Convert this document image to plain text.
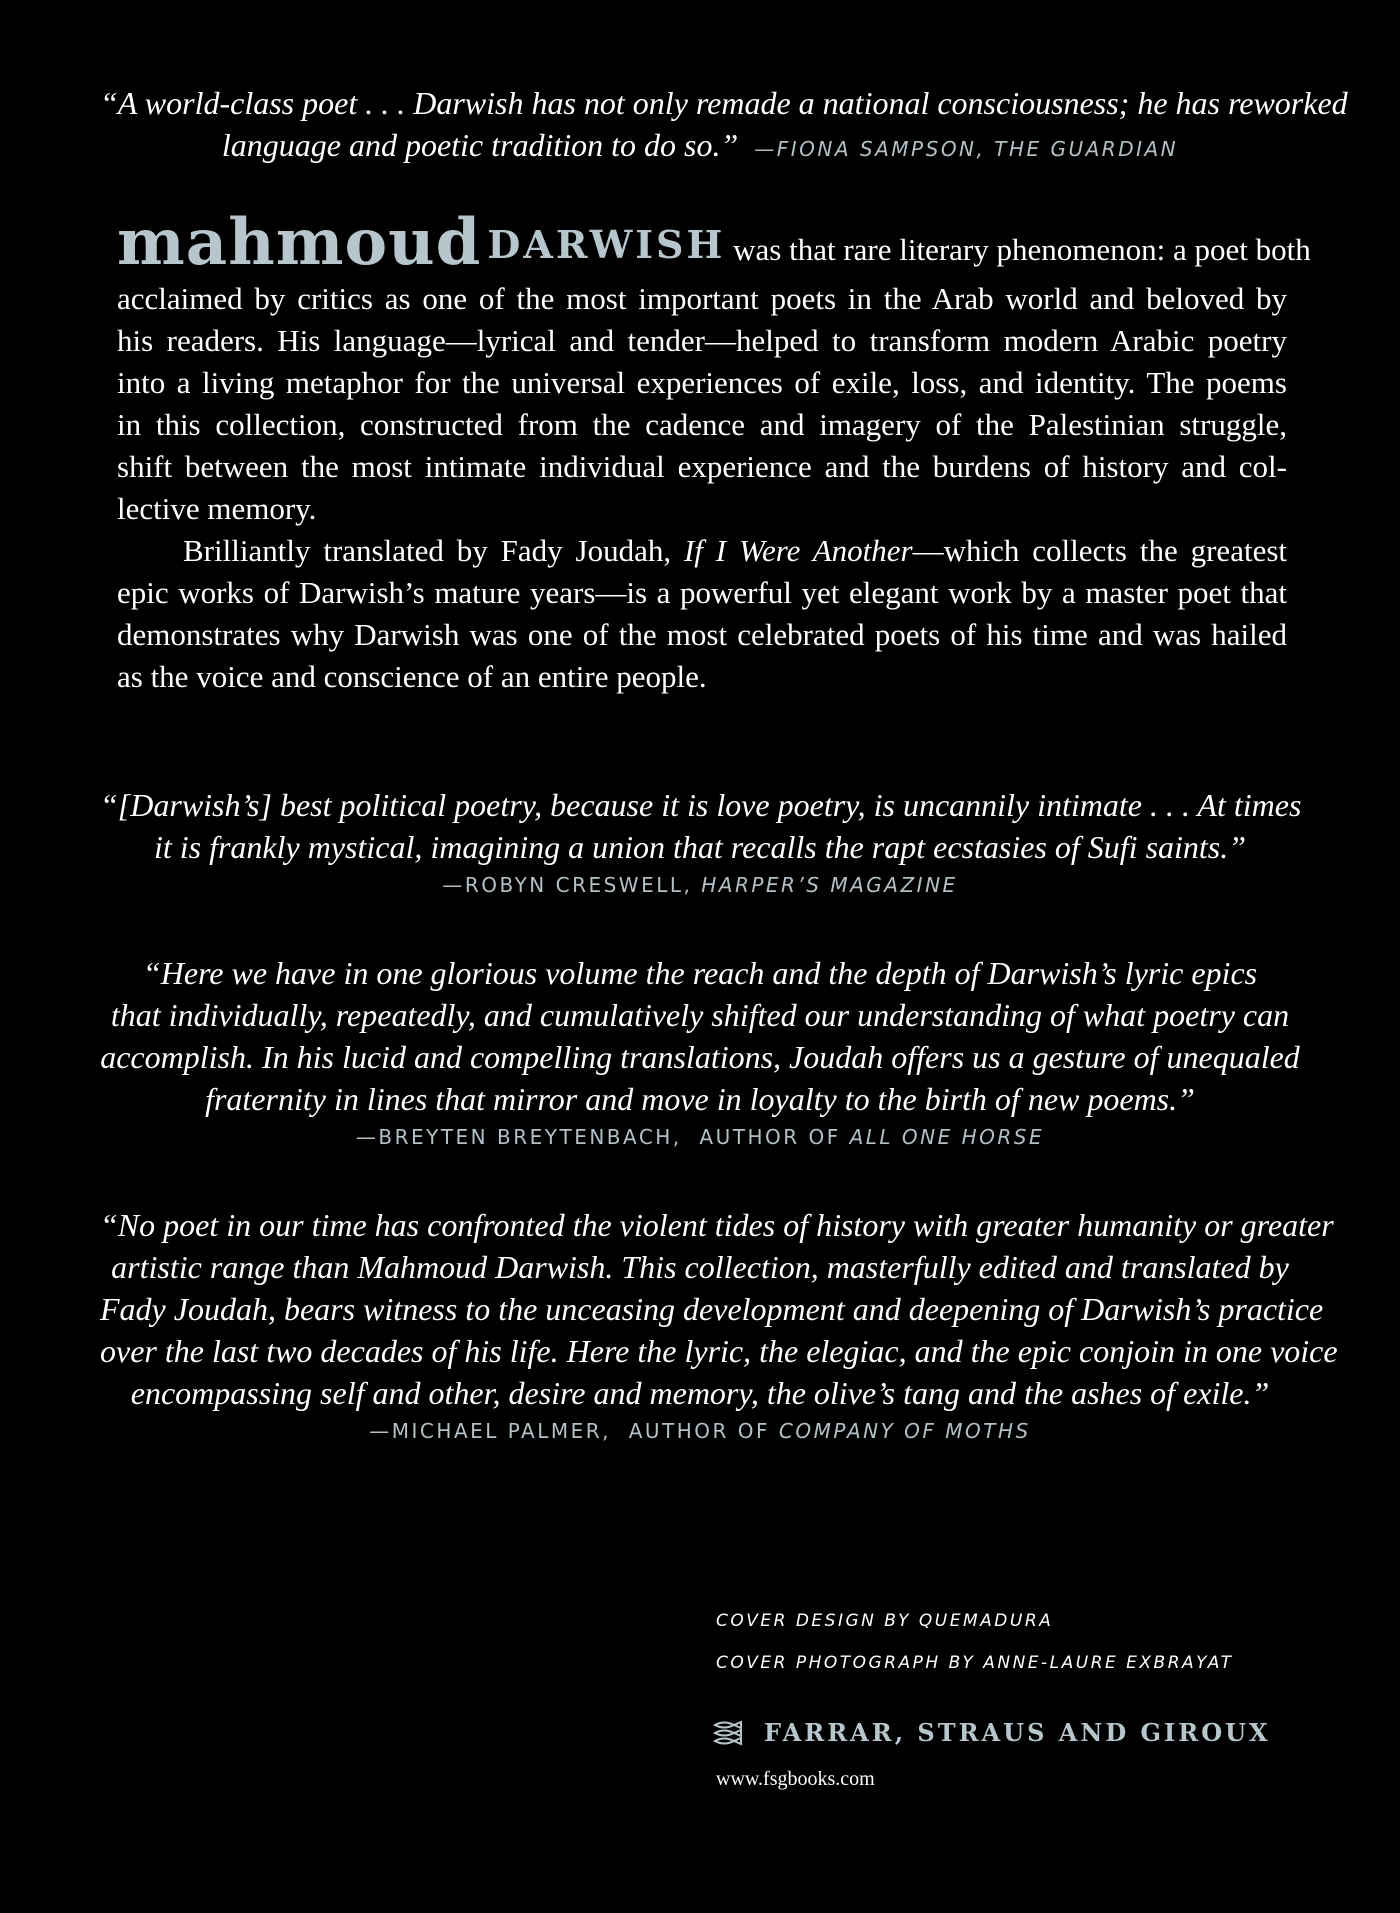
“A world-class poet . . . Darwish has not only remade a national consciousness; he has reworked
language and poetic tradition to do so.” —FIONA SAMPSON, THE GUARDIAN
mahmoud DARWISH was that rare literary phenomenon: a poet both
acclaimed by critics as one of the most important poets in the Arab world and beloved by
his readers. His language—lyrical and tender—helped to transform modern Arabic poetry
into a living metaphor for the universal experiences of exile, loss, and identity. The poems
in this collection, constructed from the cadence and imagery of the Palestinian struggle,
shift between the most intimate individual experience and the burdens of history and col-
lective memory.
Brilliantly translated by Fady Joudah, If I Were Another—which collects the greatest
epic works of Darwish’s mature years—is a powerful yet elegant work by a master poet that
demonstrates why Darwish was one of the most celebrated poets of his time and was hailed
as the voice and conscience of an entire people.
“[Darwish’s] best political poetry, because it is love poetry, is uncannily intimate . . . At times
it is frankly mystical, imagining a union that recalls the rapt ecstasies of Sufi saints.”
—ROBYN CRESWELL, HARPER’S MAGAZINE
“Here we have in one glorious volume the reach and the depth of Darwish’s lyric epics
that individually, repeatedly, and cumulatively shifted our understanding of what poetry can
accomplish. In his lucid and compelling translations, Joudah offers us a gesture of unequaled
fraternity in lines that mirror and move in loyalty to the birth of new poems.”
—BREYTEN BREYTENBACH, AUTHOR OF ALL ONE HORSE
“No poet in our time has confronted the violent tides of history with greater humanity or greater
artistic range than Mahmoud Darwish. This collection, masterfully edited and translated by
Fady Joudah, bears witness to the unceasing development and deepening of Darwish’s practice
over the last two decades of his life. Here the lyric, the elegiac, and the epic conjoin in one voice
encompassing self and other, desire and memory, the olive’s tang and the ashes of exile.”
—MICHAEL PALMER, AUTHOR OF COMPANY OF MOTHS
COVER DESIGN BY QUEMADURA
COVER PHOTOGRAPH BY ANNE-LAURE EXBRAYAT
FARRAR, STRAUS AND GIROUX
www.fsgbooks.com
